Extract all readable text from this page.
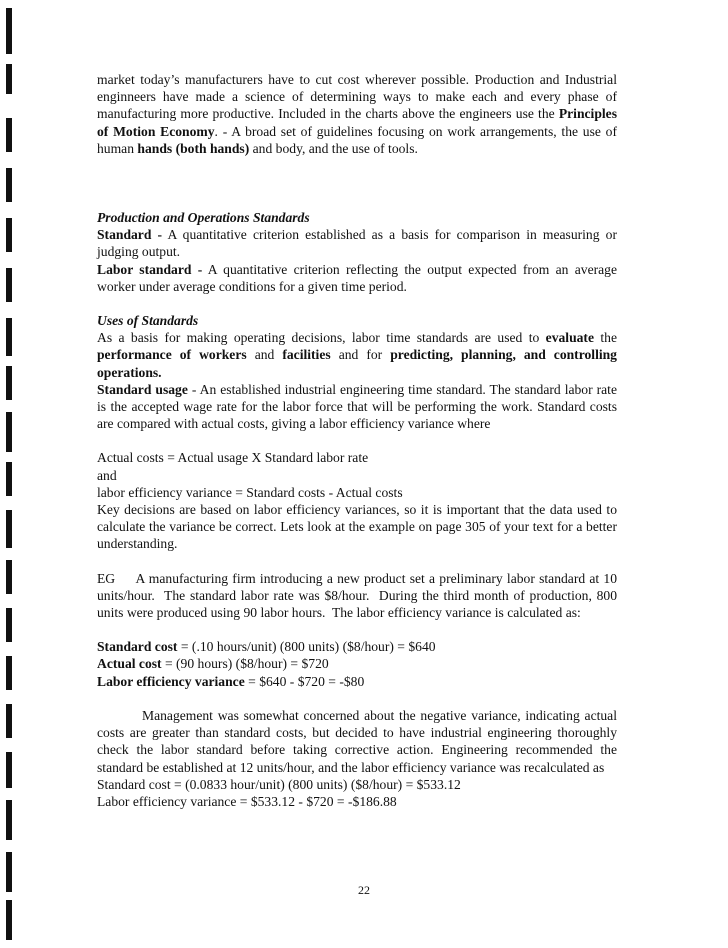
market today’s manufacturers have to cut cost wherever possible. Production and Industrial enginneers have made a science of determining ways to make each and every phase of manufacturing more productive. Included in the charts above the engineers use the Principles of Motion Economy. - A broad set of guidelines focusing on work arrangements, the use of human hands (both hands) and body, and the use of tools.

Production and Operations Standards

Standard - A quantitative criterion established as a basis for comparison in measuring or judging output.

Labor standard - A quantitative criterion reflecting the output expected from an average worker under average conditions for a given time period.

Uses of Standards

As a basis for making operating decisions, labor time standards are used to evaluate the performance of workers and facilities and for predicting, planning, and controlling operations.

Standard usage - An established industrial engineering time standard. The standard labor rate is the accepted wage rate for the labor force that will be performing the work. Standard costs are compared with actual costs, giving a labor efficiency variance where

Actual costs = Actual usage X Standard labor rate

and

labor efficiency variance = Standard costs - Actual costs

Key decisions are based on labor efficiency variances, so it is important that the data used to calculate the variance be correct. Lets look at the example on page 305 of your text for a better understanding.

EG     A manufacturing firm introducing a new product set a preliminary labor standard at 10 units/hour.  The standard labor rate was $8/hour.  During the third month of production, 800 units were produced using 90 labor hours.  The labor efficiency variance is calculated as:

Standard cost = (.10 hours/unit) (800 units) ($8/hour) = $640

Actual cost = (90 hours) ($8/hour) = $720

Labor efficiency variance = $640 - $720 = -$80

Management was somewhat concerned about the negative variance, indicating actual costs are greater than standard costs, but decided to have industrial engineering thoroughly check the labor standard before taking corrective action. Engineering recommended the standard be established at 12 units/hour, and the labor efficiency variance was recalculated as

Standard cost = (0.0833 hour/unit) (800 units) ($8/hour) = $533.12

Labor efficiency variance = $533.12 - $720 = -$186.88

22
